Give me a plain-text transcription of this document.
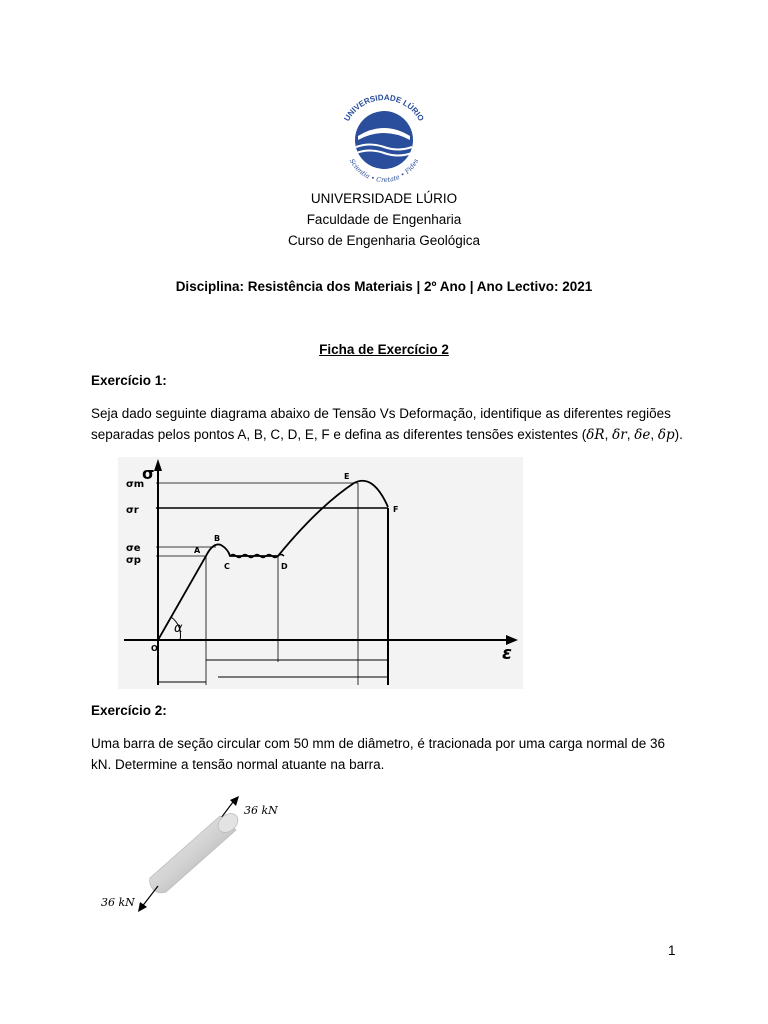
UNIVERSIDADE LÚRIO
Scientia • Cretate • Fides
UNIVERSIDADE LÚRIO
Faculdade de Engenharia
Curso de Engenharia Geológica
Disciplina: Resistência dos Materiais | 2º Ano | Ano Lectivo: 2021
Ficha de Exercício 2
Exercício 1:
Seja dado seguinte diagrama abaixo de Tensão Vs Deformação, identifique as diferentes regiões
separadas pelos pontos A, B, C, D, E, F e defina as diferentes tensões existentes (δR, δr, δe, δp).
σ
ε
σm
σr
σe
σp
α
O
A
B
C	D
E
F
Exercício 2:
Uma barra de seção circular com 50 mm de diâmetro, é tracionada por uma carga normal de 36
kN. Determine a tensão normal atuante na barra.
36 kN
36 kN
1
